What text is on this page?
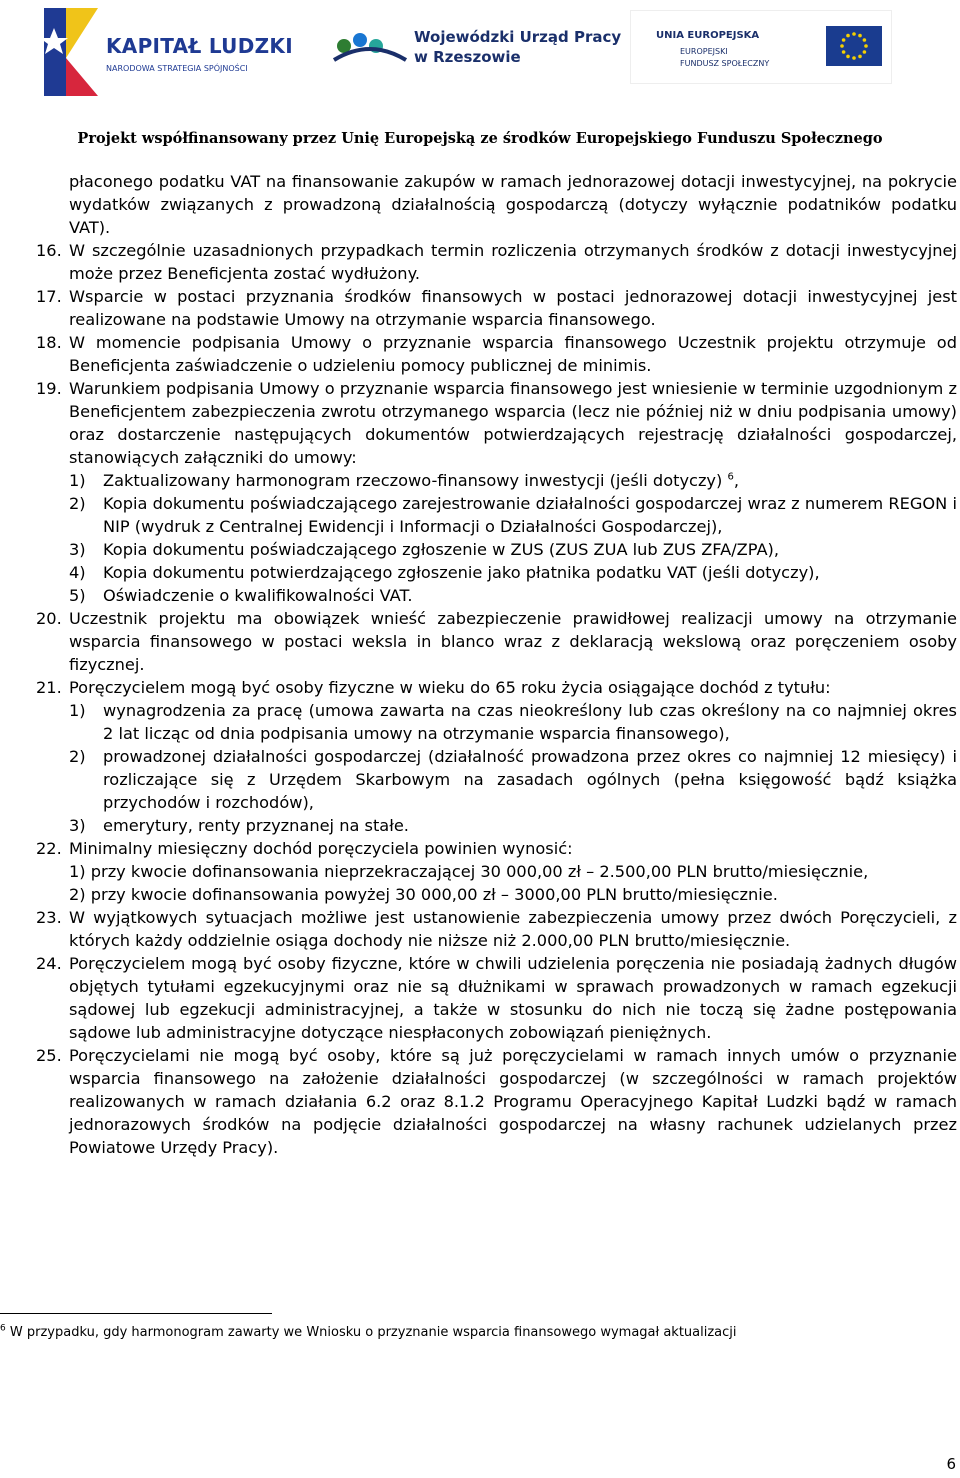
KAPITAŁ LUDZKI
NARODOWA STRATEGIA SPÓJNOŚCI
Wojewódzki Urząd Pracy
w Rzeszowie
UNIA EUROPEJSKA
EUROPEJSKI
FUNDUSZ SPOŁECZNY
Projekt współfinansowany przez Unię Europejską ze środków Europejskiego Funduszu Społecznego
płaconego podatku VAT na finansowanie zakupów w ramach jednorazowej dotacji inwestycyjnej, na pokrycie wydatków związanych z prowadzoną działalnością gospodarczą (dotyczy wyłącznie podatników podatku VAT).
16. W szczególnie uzasadnionych przypadkach termin rozliczenia otrzymanych środków z dotacji inwestycyjnej może przez Beneficjenta zostać wydłużony.
17. Wsparcie w postaci przyznania środków finansowych w postaci jednorazowej dotacji inwestycyjnej jest realizowane na podstawie Umowy na otrzymanie wsparcia finansowego.
18. W momencie podpisania Umowy o przyznanie wsparcia finansowego Uczestnik projektu otrzymuje od Beneficjenta zaświadczenie o udzieleniu pomocy publicznej de minimis.
19. Warunkiem podpisania Umowy o przyznanie wsparcia finansowego jest wniesienie w terminie uzgodnionym z Beneficjentem zabezpieczenia zwrotu otrzymanego wsparcia (lecz nie później niż w dniu podpisania umowy) oraz dostarczenie następujących dokumentów potwierdzających rejestrację działalności gospodarczej, stanowiących załączniki do umowy:
1) Zaktualizowany harmonogram rzeczowo-finansowy inwestycji (jeśli dotyczy) $^6$,
2) Kopia dokumentu poświadczającego zarejestrowanie działalności gospodarczej wraz z numerem REGON i NIP (wydruk z Centralnej Ewidencji i Informacji o Działalności Gospodarczej),
3) Kopia dokumentu poświadczającego zgłoszenie w ZUS (ZUS ZUA lub ZUS ZFA/ZPA),
4) Kopia dokumentu potwierdzającego zgłoszenie jako płatnika podatku VAT (jeśli dotyczy),
5) Oświadczenie o kwalifikowalności VAT.
20. Uczestnik projektu ma obowiązek wnieść zabezpieczenie prawidłowej realizacji umowy na otrzymanie wsparcia finansowego w postaci weksla in blanco wraz z deklaracją wekslową oraz poręczeniem osoby fizycznej.
21. Poręczycielem mogą być osoby fizyczne w wieku do 65 roku życia osiągające dochód z tytułu:
1) wynagrodzenia za pracę (umowa zawarta na czas nieokreślony lub czas określony na co najmniej okres 2 lat licząc od dnia podpisania umowy na otrzymanie wsparcia finansowego),
2) prowadzonej działalności gospodarczej (działalność prowadzona przez okres co najmniej 12 miesięcy) i rozliczające się z Urzędem Skarbowym na zasadach ogólnych (pełna księgowość bądź książka przychodów i rozchodów),
3) emerytury, renty przyznanej na stałe.
22. Minimalny miesięczny dochód poręczyciela powinien wynosić:
1) przy kwocie dofinansowania nieprzekraczającej 30 000,00 zł – 2.500,00 PLN brutto/miesięcznie,
2) przy kwocie dofinansowania powyżej 30 000,00 zł – 3000,00 PLN brutto/miesięcznie.
23. W wyjątkowych sytuacjach możliwe jest ustanowienie zabezpieczenia umowy przez dwóch Poręczycieli, z których każdy oddzielnie osiąga dochody nie niższe niż 2.000,00 PLN brutto/miesięcznie.
24. Poręczycielem mogą być osoby fizyczne, które w chwili udzielenia poręczenia nie posiadają żadnych długów objętych tytułami egzekucyjnymi oraz nie są dłużnikami w sprawach prowadzonych w ramach egzekucji sądowej lub egzekucji administracyjnej, a także w stosunku do nich nie toczą się żadne postępowania sądowe lub administracyjne dotyczące niespłaconych zobowiązań pieniężnych.
25. Poręczycielami nie mogą być osoby, które są już poręczycielami w ramach innych umów o przyznanie wsparcia finansowego na założenie działalności gospodarczej (w szczególności w ramach projektów realizowanych w ramach działania 6.2 oraz 8.1.2 Programu Operacyjnego Kapitał Ludzki bądź w ramach jednorazowych środków na podjęcie działalności gospodarczej na własny rachunek udzielanych przez Powiatowe Urzędy Pracy).
$^6$ W przypadku, gdy harmonogram zawarty we Wniosku o przyznanie wsparcia finansowego wymagał aktualizacji
6
